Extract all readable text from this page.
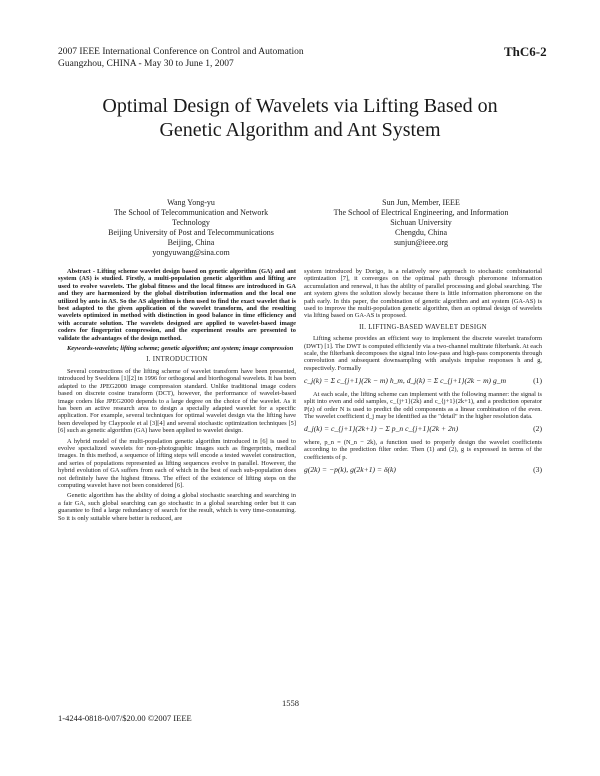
2007 IEEE International Conference on Control and Automation
Guangzhou, CHINA - May 30 to June 1, 2007
ThC6-2
Optimal Design of Wavelets via Lifting Based on
Genetic Algorithm and Ant System
Wang Yong-yu
The School of Telecommunication and Network
Technology
Beijing University of Post and Telecommunications
Beijing, China
yongyuwang@sina.com
Sun Jun, Member, IEEE
The School of Electrical Engineering, and Information
Sichuan University
Chengdu, China
sunjun@ieee.org

Abstract - Lifting scheme wavelet design based on genetic algorithm (GA) and ant system (AS) is studied. Firstly, a multi-population genetic algorithm and lifting are used to evolve wavelets. The global fitness and the local fitness are introduced in GA and they are harmonized by the global distribution information and the local one utilized by ants in AS. So the AS algorithm is then used to find the exact wavelet that is best adapted to the given application of the wavelet transform, and the resulting wavelets optimized in method with distinction in good balance in time efficiency and with accurate solution. The wavelets designed are applied to wavelet-based image coders for fingerprint compression, and the experiment results are presented to validate the advantages of the design method.

Keywords-wavelets; lifting scheme; genetic algorithm; ant system; image compression

I. INTRODUCTION

Several constructions of the lifting scheme of wavelet transform have been presented, introduced by Sweldens [1][2] in 1996 for orthogonal and biorthogonal wavelets. It has been adapted to the JPEG2000 image compression standard. Unlike traditional image coders based on discrete cosine transform (DCT), however, the performance of wavelet-based image coders like JPEG2000 depends to a large degree on the choice of the wavelet. As it has been an active research area to design a specially adapted wavelet for a specific application. For example, several techniques for optimal wavelet design via the lifting have been developed by Claypoole et al [3][4] and several stochastic optimization techniques [5][6] such as genetic algorithm (GA) have been applied to wavelet design.

A hybrid model of the multi-population genetic algorithm introduced in [6] is used to evolve specialized wavelets for non-photographic images such as fingerprints, medical images. In this method, a sequence of lifting steps will encode a tested wavelet construction, and series of populations represented as lifting sequences evolve in parallel. However, the hybrid evolution of GA suffers from each of which in the best of each sub-population does not definitely have the highest fitness. The effect of the existence of lifting steps on the computing wavelet have not been considered [6].

Genetic algorithm has the ability of doing a global stochastic searching and searching in a fair GA, such global searching can go stochastic in a global searching order but it can guarantee to find a large redundancy of search for the result, which is very time-consuming. So it is only suitable where better is reduced, are

system introduced by Dorigo, is a relatively new approach to stochastic combinatorial optimization [7], it converges on the optimal path through pheromone information accumulation and renewal, it has the ability of parallel processing and global searching. The ant system gives the solution slowly because there is little information pheromone on the path early. In this paper, the combination of genetic algorithm and ant system (GA-AS) is used to improve the multi-population genetic algorithm, then an optimal design of wavelets via lifting based on GA-AS is proposed.

II. LIFTING-BASED WAVELET DESIGN

Lifting scheme provides an efficient way to implement the discrete wavelet transform (DWT) [1]. The DWT is computed efficiently via a two-channel multirate filterbank. At each scale, the filterbank decomposes the signal into low-pass and high-pass components through convolution and subsequent downsampling with analysis impulse responses h and g, respectively. Formally

c_j(k) = Σ c_{j+1}(2k − m) h_m, d_j(k) = Σ c_{j+1}(2k − m) g_m	(1)

At each scale, the lifting scheme can implement with the following manner: the signal is split into even and odd samples, c_{j+1}(2k) and c_{j+1}(2k+1), and a prediction operator P(z) of order N is used to predict the odd components as a linear combination of the even. The wavelet coefficient d_j may be identified as the "detail" in the higher resolution data.

d_j(k) = c_{j+1}(2k+1) − Σ p_n c_{j+1}(2k + 2n)	(2)

where, p_n = (N_n − 2k), a function used to properly design the wavelet coefficients according to the prediction filter order. Then (1) and (2), g is expressed in terms of the coefficients of p.

g(2k) = −p(k), g(2k+1) = δ(k)	(3)
1558
1-4244-0818-0/07/$20.00 ©2007 IEEE
